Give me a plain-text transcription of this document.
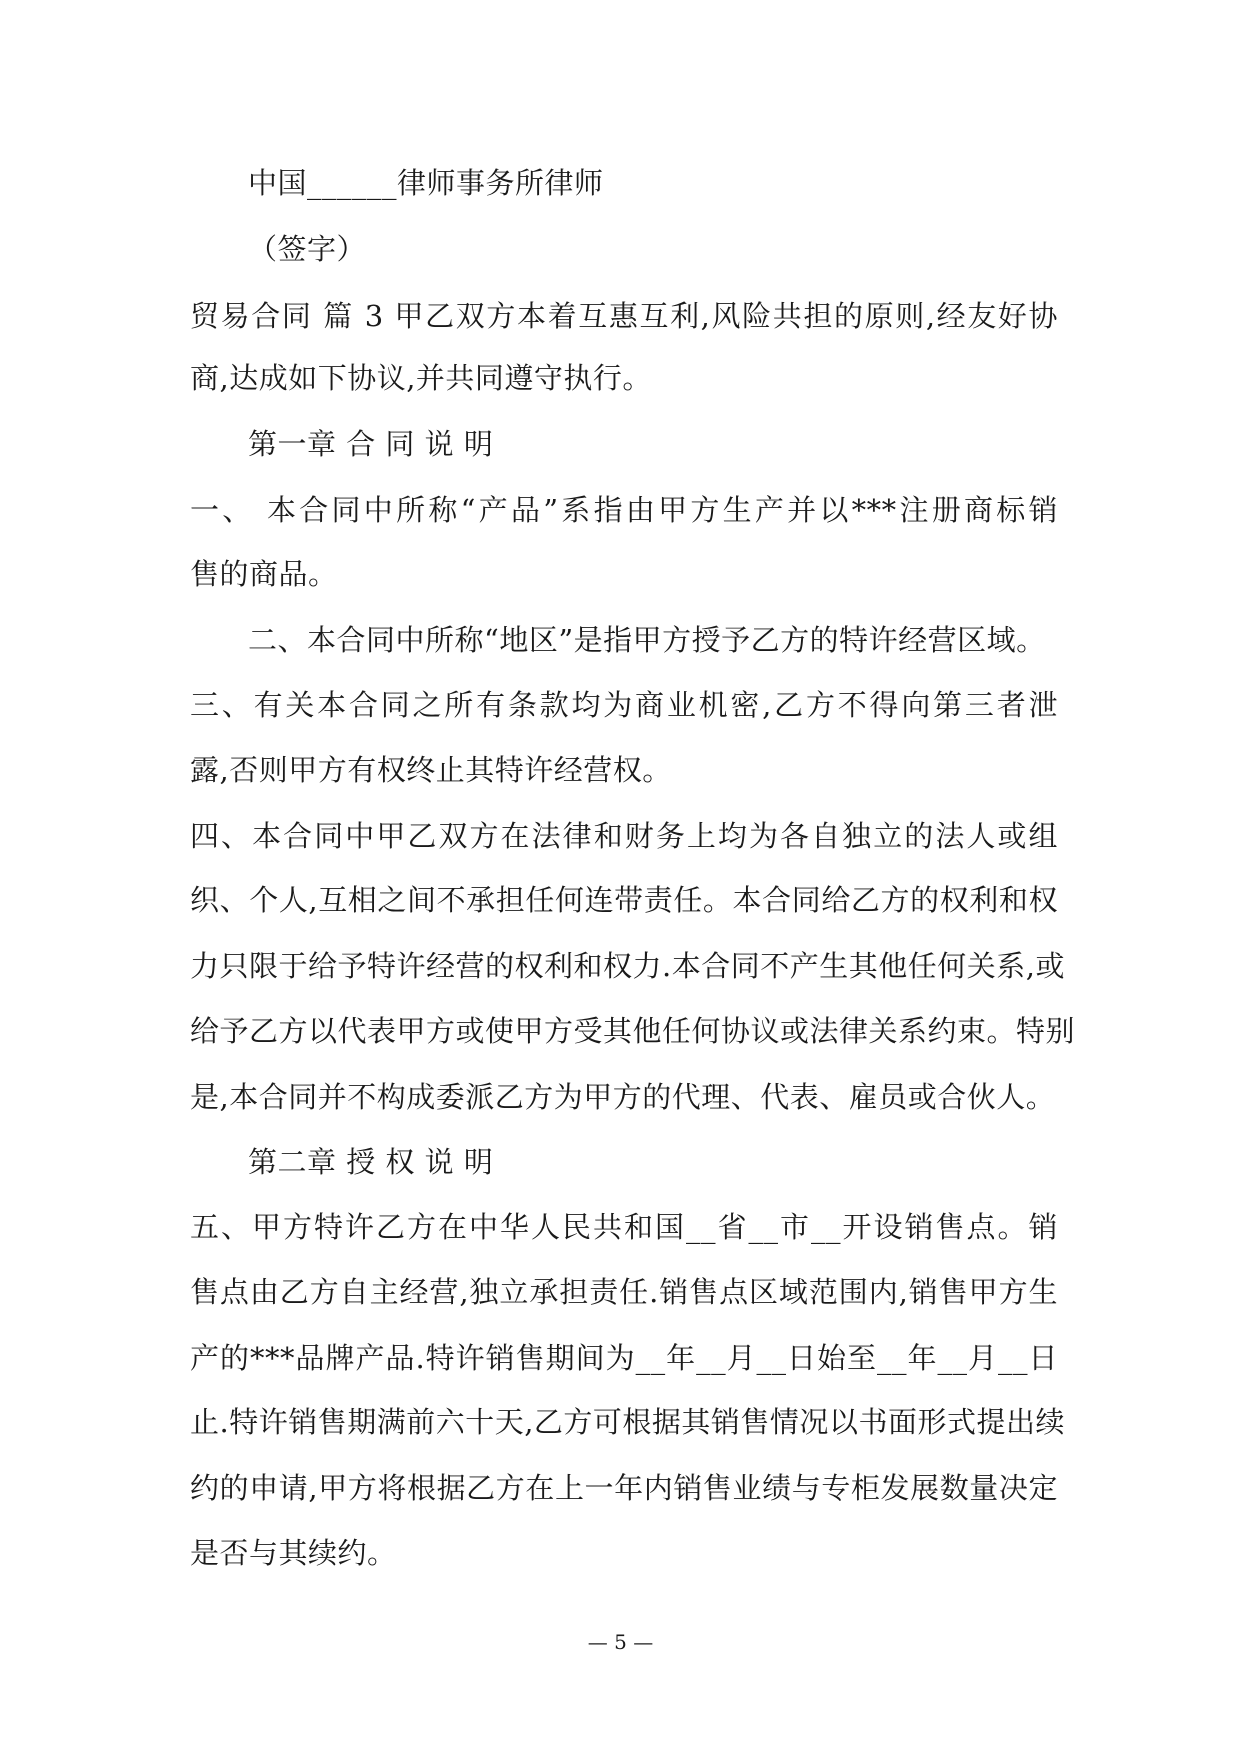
中国______律师事务所律师
（签字）
贸易合同 篇 3 甲乙双方本着互惠互利,风险共担的原则,经友好协
商,达成如下协议,并共同遵守执行。
第一章 合 同 说 明
一、 本合同中所称“产品”系指由甲方生产并以***注册商标销
售的商品。
二、本合同中所称“地区”是指甲方授予乙方的特许经营区域。
三、有关本合同之所有条款均为商业机密,乙方不得向第三者泄
露,否则甲方有权终止其特许经营权。
四、本合同中甲乙双方在法律和财务上均为各自独立的法人或组
织、个人,互相之间不承担任何连带责任。本合同给乙方的权利和权
力只限于给予特许经营的权利和权力.本合同不产生其他任何关系,或
给予乙方以代表甲方或使甲方受其他任何协议或法律关系约束。特别
是,本合同并不构成委派乙方为甲方的代理、代表、雇员或合伙人。
第二章 授 权 说 明
五、甲方特许乙方在中华人民共和国__省__市__开设销售点。销
售点由乙方自主经营,独立承担责任.销售点区域范围内,销售甲方生
产的***品牌产品.特许销售期间为__年__月__日始至__年__月__日
止.特许销售期满前六十天,乙方可根据其销售情况以书面形式提出续
约的申请,甲方将根据乙方在上一年内销售业绩与专柜发展数量决定
是否与其续约。
— 5 —
